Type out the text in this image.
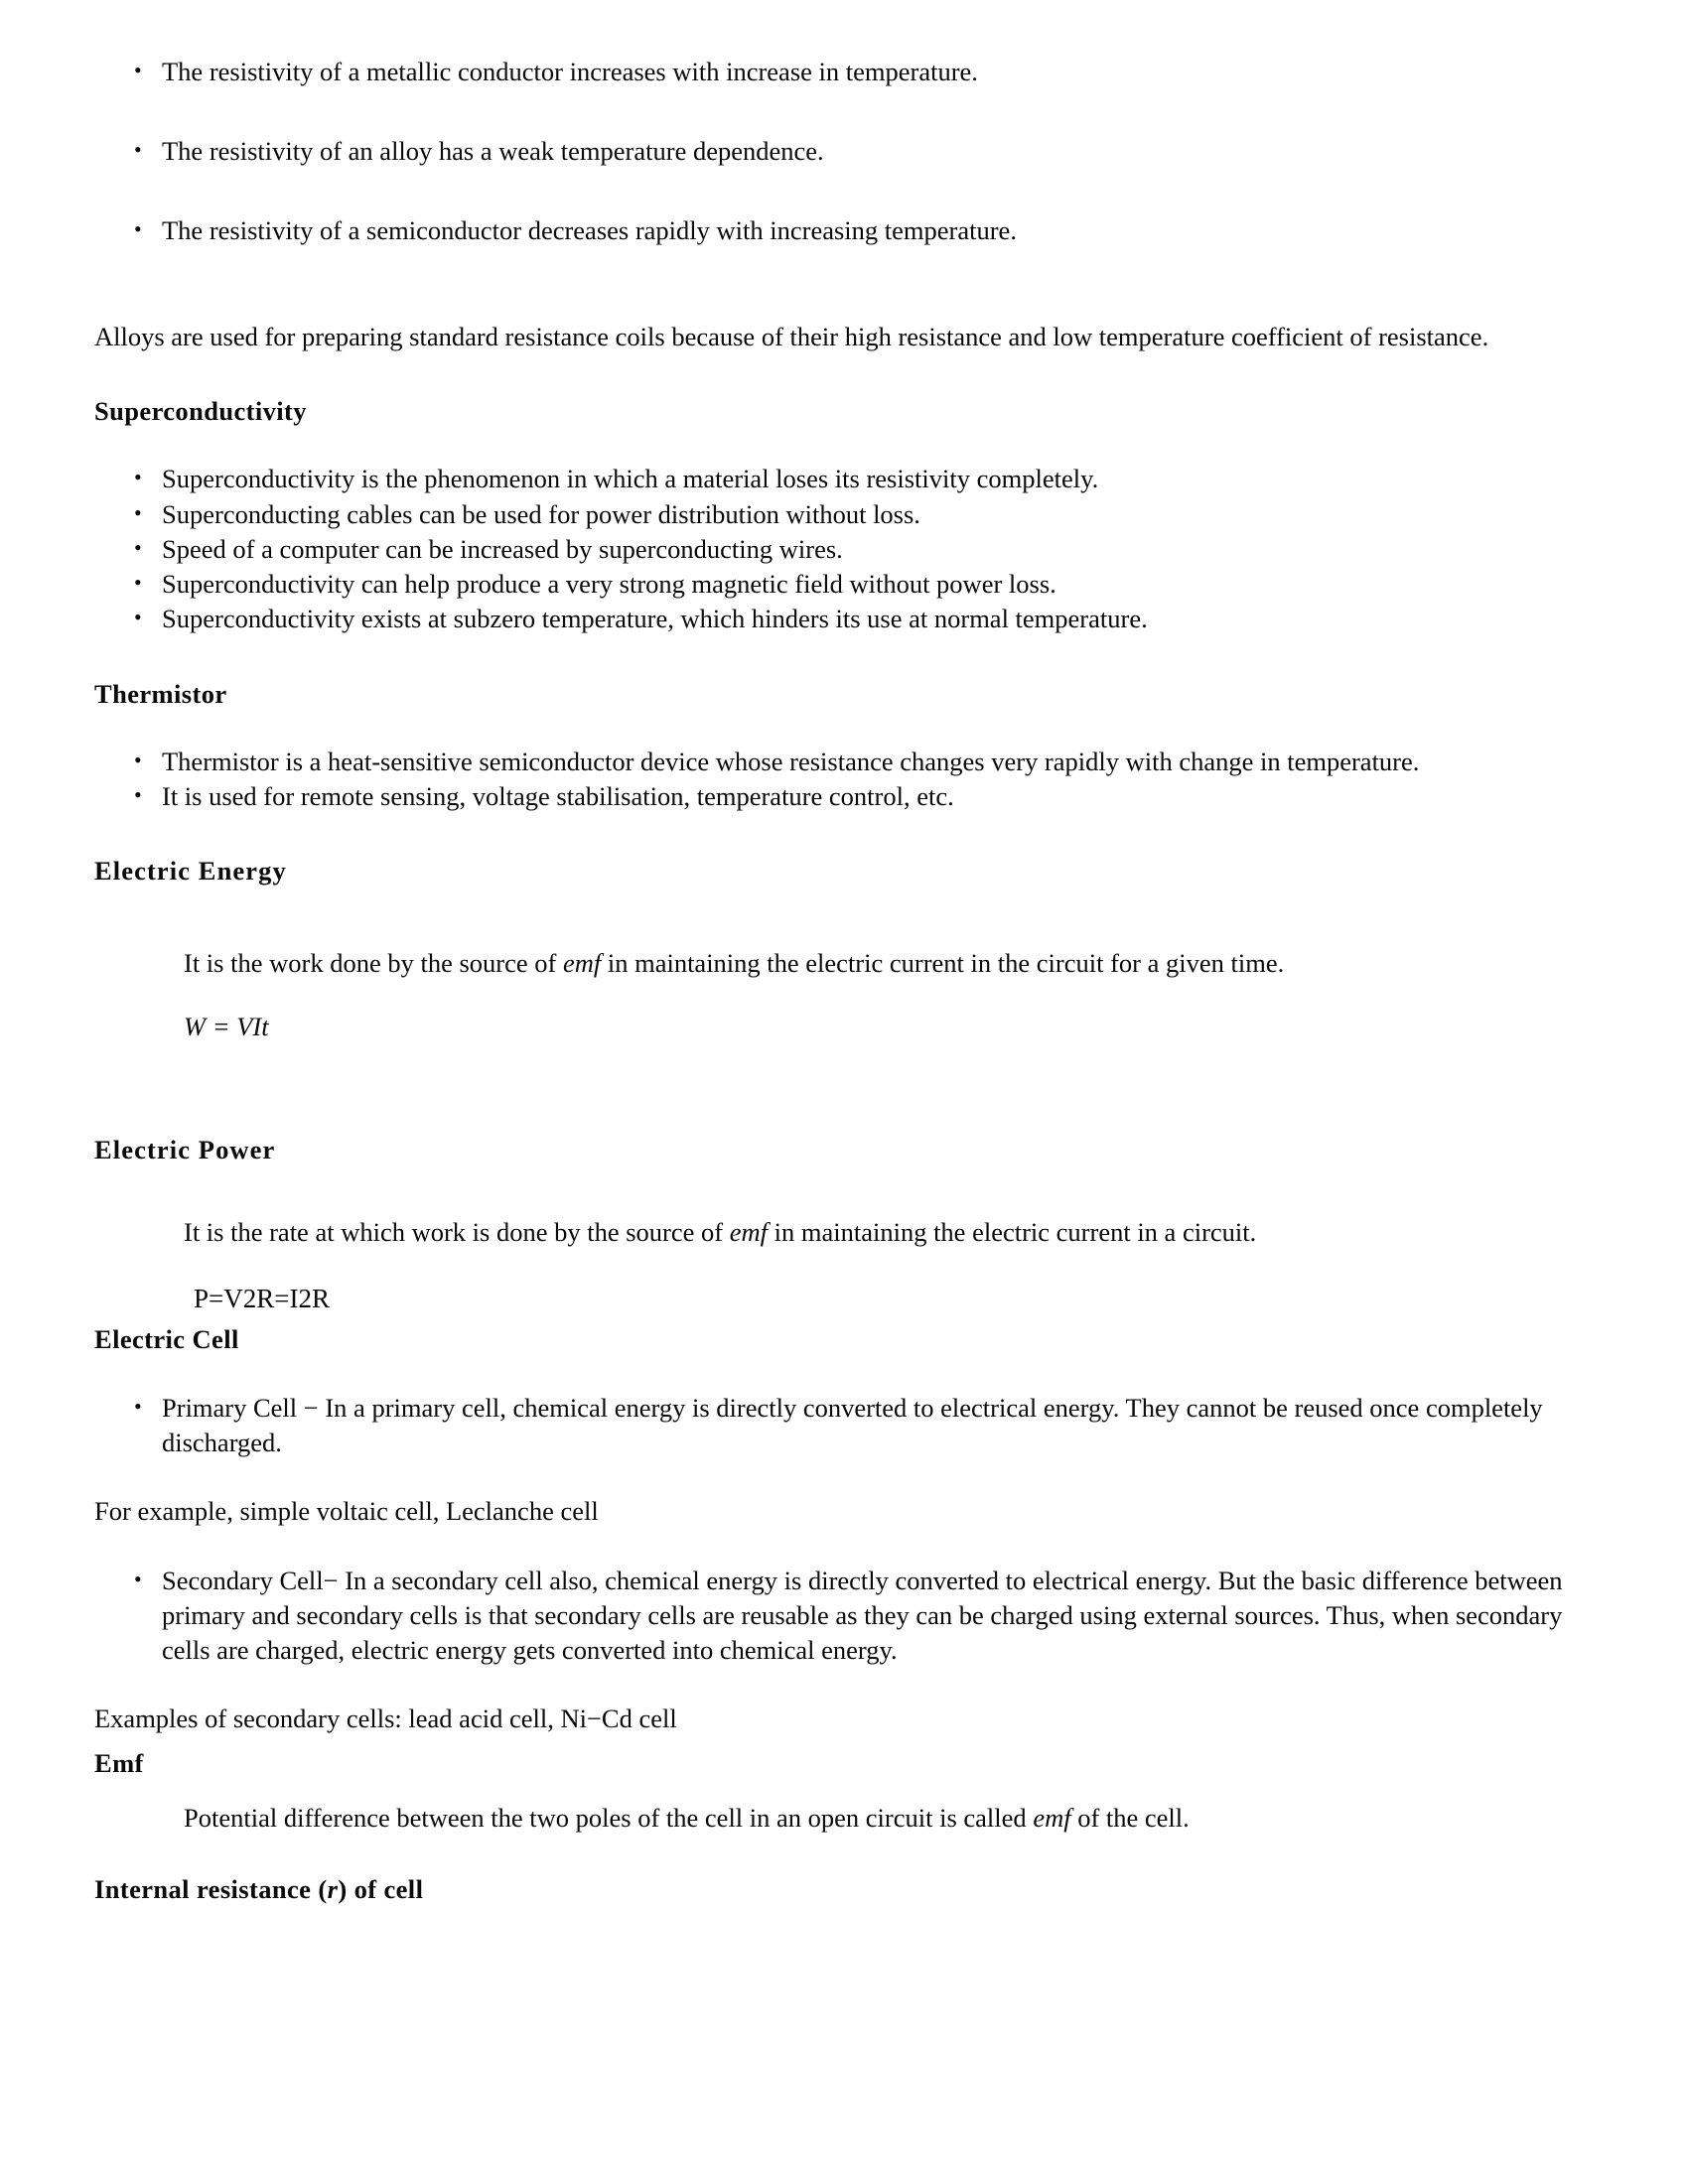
• The resistivity of a metallic conductor increases with increase in temperature.
• The resistivity of an alloy has a weak temperature dependence.
• The resistivity of a semiconductor decreases rapidly with increasing temperature.

Alloys are used for preparing standard resistance coils because of their high resistance and low temperature coefficient of resistance.

Superconductivity

• Superconductivity is the phenomenon in which a material loses its resistivity completely.
• Superconducting cables can be used for power distribution without loss.
• Speed of a computer can be increased by superconducting wires.
• Superconductivity can help produce a very strong magnetic field without power loss.
• Superconductivity exists at subzero temperature, which hinders its use at normal temperature.

Thermistor

• Thermistor is a heat-sensitive semiconductor device whose resistance changes very rapidly with change in temperature.
• It is used for remote sensing, voltage stabilisation, temperature control, etc.

Electric Energy

It is the work done by the source of emf in maintaining the electric current in the circuit for a given time.

W = VIt

Electric Power

It is the rate at which work is done by the source of emf in maintaining the electric current in a circuit.

P=V2R=I2R

Electric Cell

• Primary Cell − In a primary cell, chemical energy is directly converted to electrical energy. They cannot be reused once completely discharged.

For example, simple voltaic cell, Leclanche cell

• Secondary Cell− In a secondary cell also, chemical energy is directly converted to electrical energy. But the basic difference between primary and secondary cells is that secondary cells are reusable as they can be charged using external sources. Thus, when secondary cells are charged, electric energy gets converted into chemical energy.

Examples of secondary cells: lead acid cell, Ni−Cd cell

Emf

Potential difference between the two poles of the cell in an open circuit is called emf of the cell.

Internal resistance (r) of cell
